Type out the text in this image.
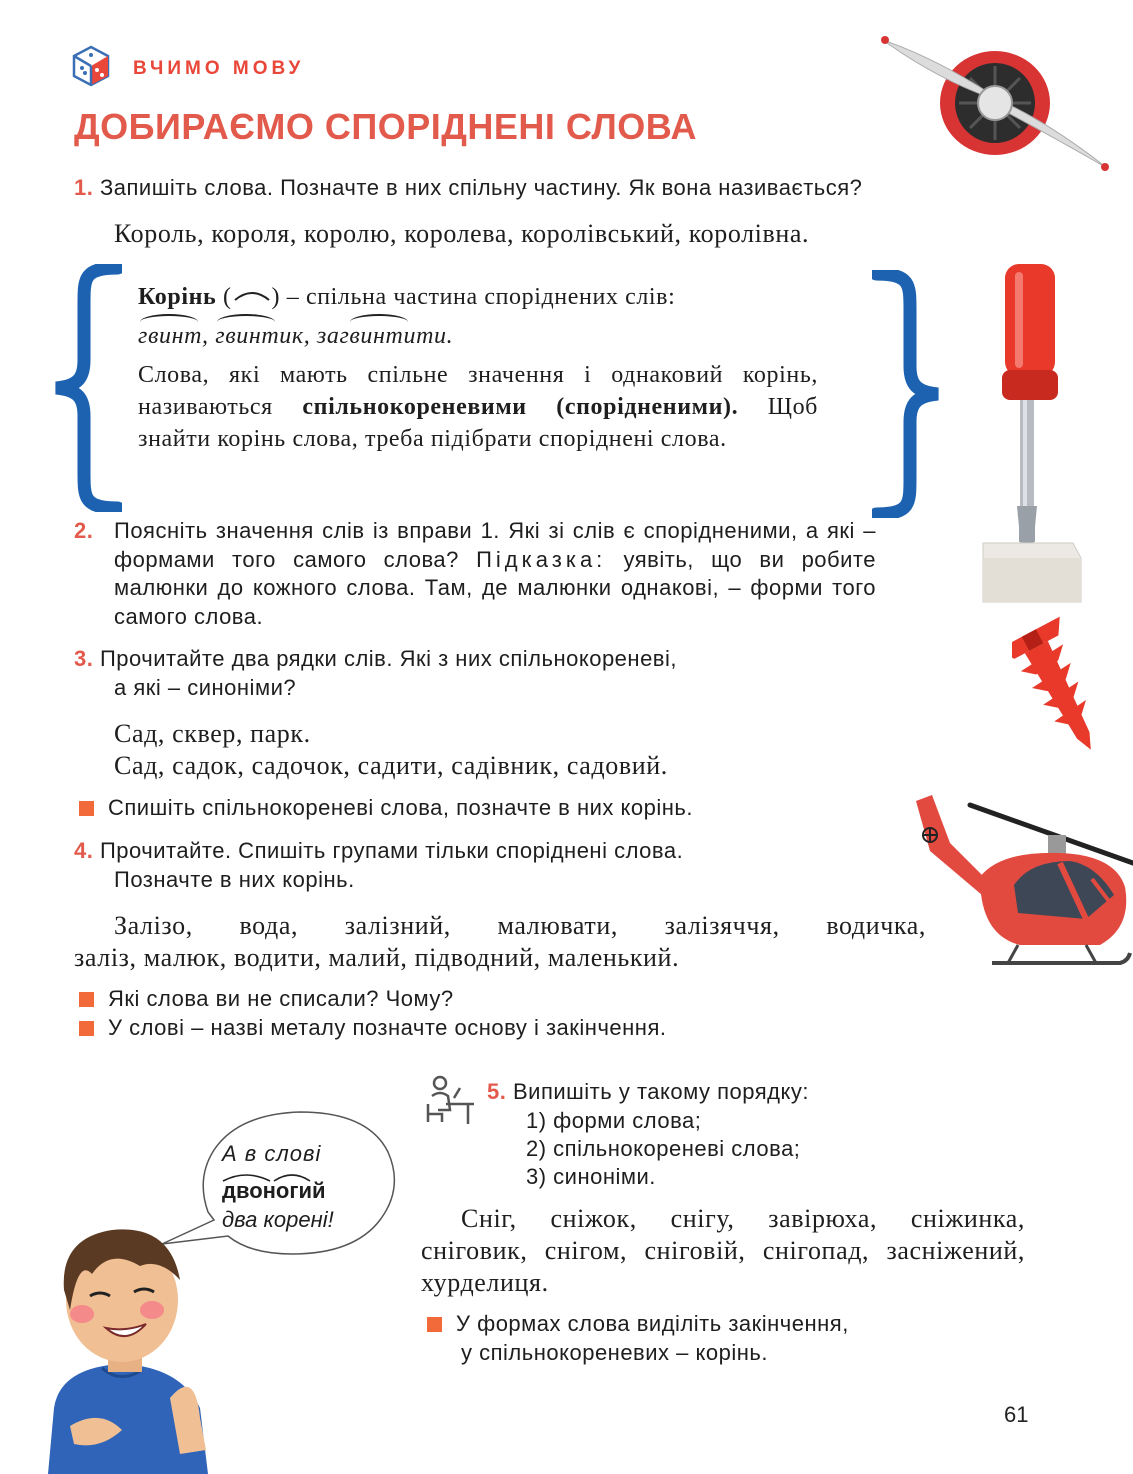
ВЧИМО МОВУ
ДОБИРАЄМО СПОРІДНЕНІ СЛОВА
1. Запишіть слова. Позначте в них спільну частину. Як вона називається?
Король, короля, королю, королева, королівський, королівна.
Корінь ( ) – спільна частина споріднених слів:
гвинт, гвинтик, загвинтити.
Слова, які мають спільне значення і однаковий корінь, називаються спільнокореневими (спорідненими). Щоб знайти корінь слова, треба підібрати споріднені слова.
2. Поясніть значення слів із вправи 1. Які зі слів є спорідненими, а які – формами того самого слова? Підказка: уявіть, що ви робите малюнки до кожного слова. Там, де малюнки однакові, – форми того самого слова.
3. Прочитайте два рядки слів. Які з них спільнокореневі,
а які – синоніми?
Сад, сквер, парк.
Сад, садок, садочок, садити, садівник, садовий.
Спишіть спільнокореневі слова, позначте в них корінь.
4. Прочитайте. Спишіть групами тільки споріднені слова.
Позначте в них корінь.
Залізо, вода, залізний, малювати, залізяччя, водичка,
заліз, малюк, водити, малий, підводний, маленький.
Які слова ви не списали? Чому?
У слові – назві металу позначте основу і закінчення.
А в слові
двоногий
два корені!
5. Випишіть у такому порядку:
1) форми слова;
2) спільнокореневі слова;
3) синоніми.
Сніг, сніжок, снігу, завірюха, сніжинка, сніговик, снігом, сніговій, снігопад, засніжений, хурделиця.
У формах слова виділіть закінчення,
у спільнокореневих – корінь.
61
